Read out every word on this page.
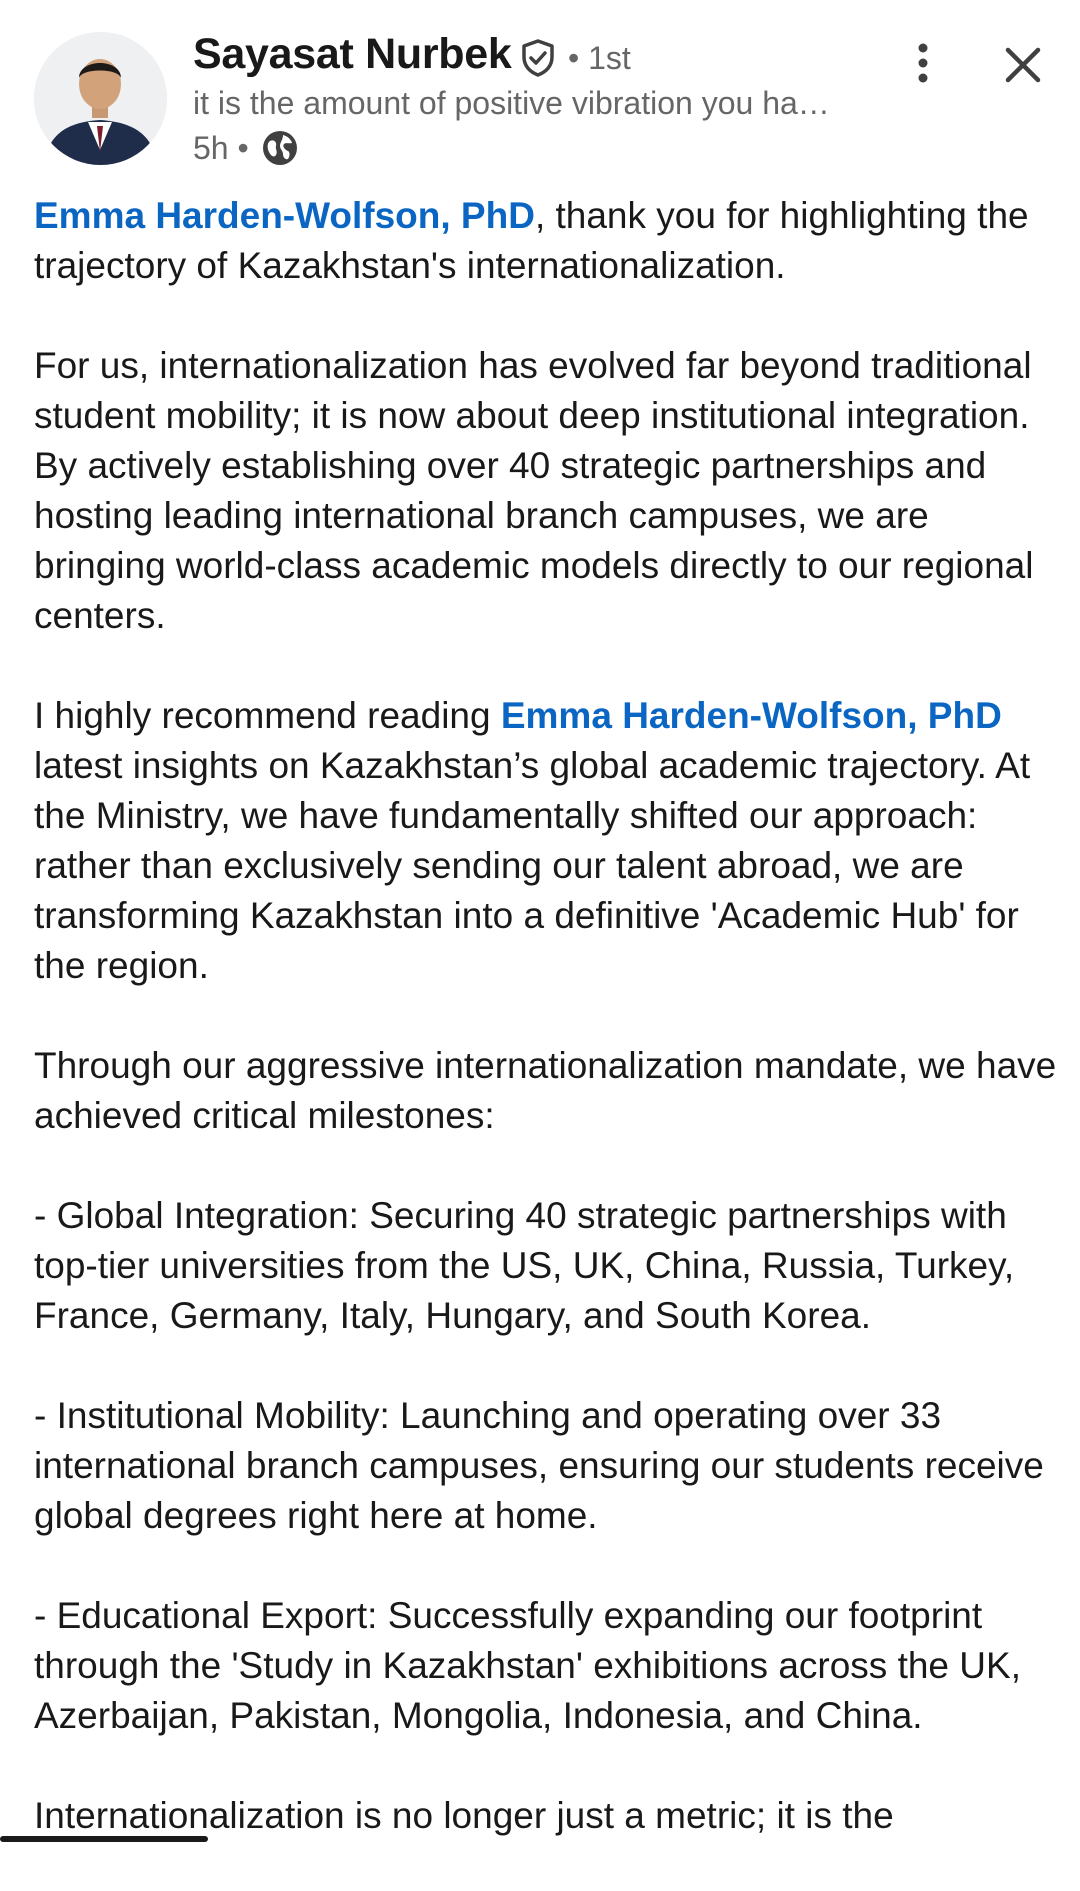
Sayasat Nurbek • 1st
it is the amount of positive vibration you ha…
5h •

Emma Harden-Wolfson, PhD, thank you for highlighting the trajectory of Kazakhstan's internationalization.

For us, internationalization has evolved far beyond traditional student mobility; it is now about deep institutional integration. By actively establishing over 40 strategic partnerships and hosting leading international branch campuses, we are bringing world-class academic models directly to our regional centers.

I highly recommend reading Emma Harden-Wolfson, PhD latest insights on Kazakhstan’s global academic trajectory. At the Ministry, we have fundamentally shifted our approach: rather than exclusively sending our talent abroad, we are transforming Kazakhstan into a definitive 'Academic Hub' for the region.

Through our aggressive internationalization mandate, we have achieved critical milestones:

- Global Integration: Securing 40 strategic partnerships with top-tier universities from the US, UK, China, Russia, Turkey, France, Germany, Italy, Hungary, and South Korea.

- Institutional Mobility: Launching and operating over 33 international branch campuses, ensuring our students receive global degrees right here at home.

- Educational Export: Successfully expanding our footprint through the 'Study in Kazakhstan' exhibitions across the UK, Azerbaijan, Pakistan, Mongolia, Indonesia, and China.

Internationalization is no longer just a metric; it is the
